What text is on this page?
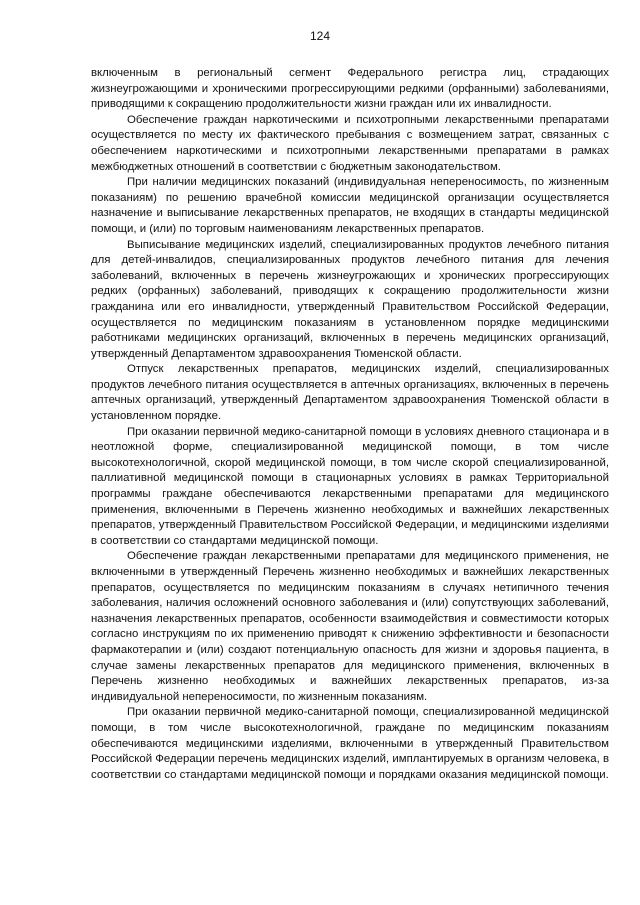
124

включенным в региональный сегмент Федерального регистра лиц, страдающих жизнеугрожающими и хроническими прогрессирующими редкими (орфанными) заболеваниями, приводящими к сокращению продолжительности жизни граждан или их инвалидности.

Обеспечение граждан наркотическими и психотропными лекарственными препаратами осуществляется по месту их фактического пребывания с возмещением затрат, связанных с обеспечением наркотическими и психотропными лекарственными препаратами в рамках межбюджетных отношений в соответствии с бюджетным законодательством.

При наличии медицинских показаний (индивидуальная непереносимость, по жизненным показаниям) по решению врачебной комиссии медицинской организации осуществляется назначение и выписывание лекарственных препаратов, не входящих в стандарты медицинской помощи, и (или) по торговым наименованиям лекарственных препаратов.

Выписывание медицинских изделий, специализированных продуктов лечебного питания для детей-инвалидов, специализированных продуктов лечебного питания для лечения заболеваний, включенных в перечень жизнеугрожающих и хронических прогрессирующих редких (орфанных) заболеваний, приводящих к сокращению продолжительности жизни гражданина или его инвалидности, утвержденный Правительством Российской Федерации, осуществляется по медицинским показаниям в установленном порядке медицинскими работниками медицинских организаций, включенных в перечень медицинских организаций, утвержденный Департаментом здравоохранения Тюменской области.

Отпуск лекарственных препаратов, медицинских изделий, специализированных продуктов лечебного питания осуществляется в аптечных организациях, включенных в перечень аптечных организаций, утвержденный Департаментом здравоохранения Тюменской области в установленном порядке.

При оказании первичной медико-санитарной помощи в условиях дневного стационара и в неотложной форме, специализированной медицинской помощи, в том числе высокотехнологичной, скорой медицинской помощи, в том числе скорой специализированной, паллиативной медицинской помощи в стационарных условиях в рамках Территориальной программы граждане обеспечиваются лекарственными препаратами для медицинского применения, включенными в Перечень жизненно необходимых и важнейших лекарственных препаратов, утвержденный Правительством Российской Федерации, и медицинскими изделиями в соответствии со стандартами медицинской помощи.

Обеспечение граждан лекарственными препаратами для медицинского применения, не включенными в утвержденный Перечень жизненно необходимых и важнейших лекарственных препаратов, осуществляется по медицинским показаниям в случаях нетипичного течения заболевания, наличия осложнений основного заболевания и (или) сопутствующих заболеваний, назначения лекарственных препаратов, особенности взаимодействия и совместимости которых согласно инструкциям по их применению приводят к снижению эффективности и безопасности фармакотерапии и (или) создают потенциальную опасность для жизни и здоровья пациента, в случае замены лекарственных препаратов для медицинского применения, включенных в Перечень жизненно необходимых и важнейших лекарственных препаратов, из-за индивидуальной непереносимости, по жизненным показаниям.

При оказании первичной медико-санитарной помощи, специализированной медицинской помощи, в том числе высокотехнологичной, граждане по медицинским показаниям обеспечиваются медицинскими изделиями, включенными в утвержденный Правительством Российской Федерации перечень медицинских изделий, имплантируемых в организм человека, в соответствии со стандартами медицинской помощи и порядками оказания медицинской помощи.
